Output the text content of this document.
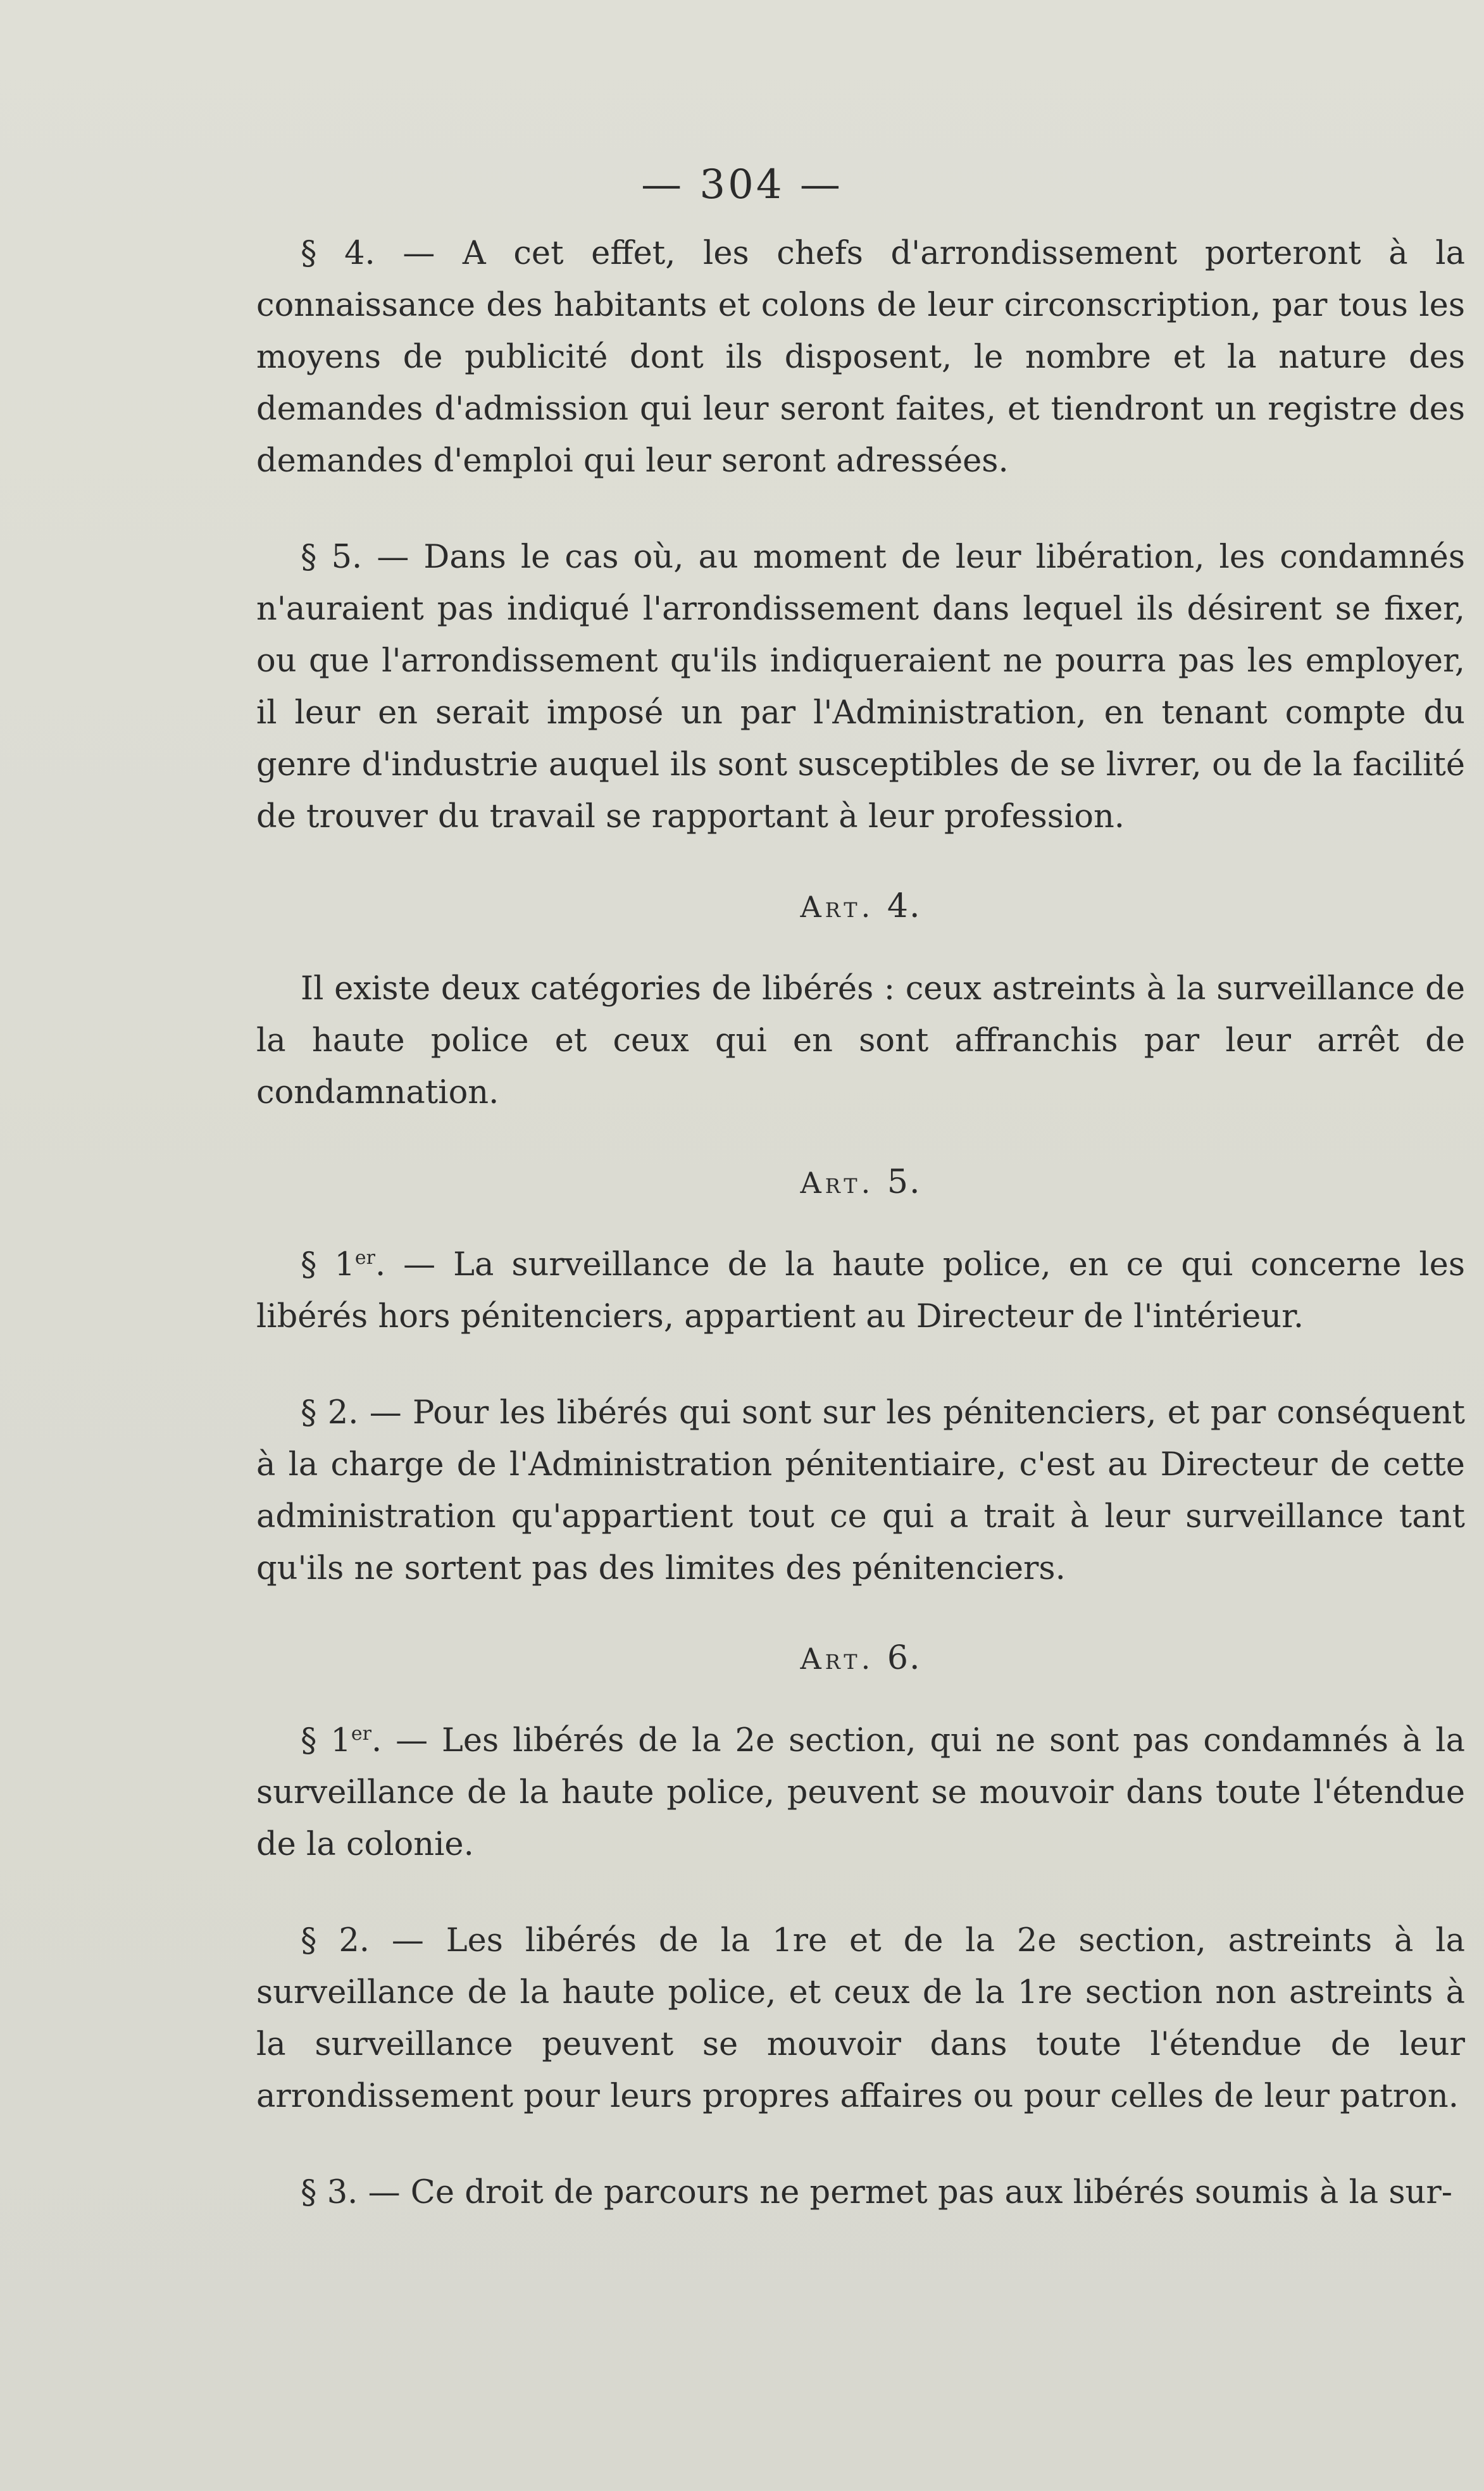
— 304 —

§ 4. — A cet effet, les chefs d'arrondissement porteront à la connaissance des habitants et colons de leur circonscription, par tous les moyens de publicité dont ils disposent, le nombre et la nature des demandes d'admission qui leur seront faites, et tiendront un registre des demandes d'emploi qui leur seront adressées.

§ 5. — Dans le cas où, au moment de leur libération, les condamnés n'auraient pas indiqué l'arrondissement dans lequel ils désirent se fixer, ou que l'arrondissement qu'ils indiqueraient ne pourra pas les employer, il leur en serait imposé un par l'Administration, en tenant compte du genre d'industrie auquel ils sont susceptibles de se livrer, ou de la facilité de trouver du travail se rapportant à leur profession.

Art. 4.

Il existe deux catégories de libérés : ceux astreints à la surveillance de la haute police et ceux qui en sont affranchis par leur arrêt de condamnation.

Art. 5.

§ 1er. — La surveillance de la haute police, en ce qui concerne les libérés hors pénitenciers, appartient au Directeur de l'intérieur.

§ 2. — Pour les libérés qui sont sur les pénitenciers, et par conséquent à la charge de l'Administration pénitentiaire, c'est au Directeur de cette administration qu'appartient tout ce qui a trait à leur surveillance tant qu'ils ne sortent pas des limites des pénitenciers.

Art. 6.

§ 1er. — Les libérés de la 2e section, qui ne sont pas condamnés à la surveillance de la haute police, peuvent se mouvoir dans toute l'étendue de la colonie.

§ 2. — Les libérés de la 1re et de la 2e section, astreints à la surveillance de la haute police, et ceux de la 1re section non astreints à la surveillance peuvent se mouvoir dans toute l'étendue de leur arrondissement pour leurs propres affaires ou pour celles de leur patron.

§ 3. — Ce droit de parcours ne permet pas aux libérés soumis à la sur-
